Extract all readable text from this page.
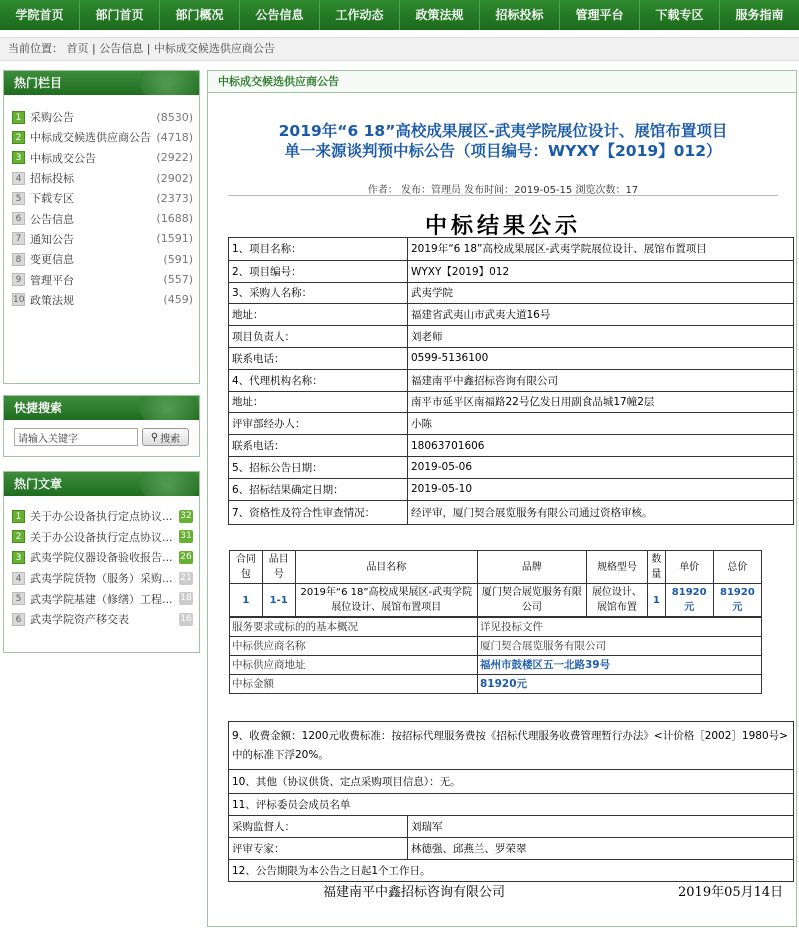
学院首页	部门首页	部门概况	公告信息	工作动态	政策法规	招标投标	管理平台	下载专区	服务指南
当前位置： 首页 | 公告信息 | 中标成交候选供应商公告
热门栏目
1 采购公告	(8530)
2 中标成交候选供应商公告 (4718)
3 中标成交公告	(2922)
4 招标投标	(2902)
5 下载专区	(2373)
6 公告信息	(1688)
7 通知公告	(1591)
8 变更信息	(591)
9 管理平台	(557)
10 政策法规	(459)
快捷搜索
请输入关键字
⚲ 搜索
热门文章
1 关于办公设备执行定点协议... 32
2 关于办公设备执行定点协议... 31
3 武夷学院仪器设备验收报告... 26
4 武夷学院货物（服务）采购... 21
5 武夷学院基建（修缮）工程... 18
6 武夷学院资产移交表	16
中标成交候选供应商公告
2019年“6 18”高校成果展区-武夷学院展位设计、展馆布置项目
单一来源谈判预中标公告（项目编号：WYXY【2019】012）
作者： 发布：管理员 发布时间：2019-05-15 浏览次数：17
中标结果公示
1、项目名称：	2019年“6 18”高校成果展区-武夷学院展位设计、展馆布置项目
2、项目编号：	WYXY【2019】012
3、采购人名称：	武夷学院
地址：	福建省武夷山市武夷大道16号
项目负责人：	刘老师
联系电话：	0599-5136100
4、代理机构名称：	福建南平中鑫招标咨询有限公司
地址：	南平市延平区南福路22号亿发日用副食品城17幢2层
评审部经办人：	小陈
联系电话：	18063701606
5、招标公告日期：	2019-05-06
6、招标结果确定日期：	2019-05-10
7、资格性及符合性审查情况：	经评审，厦门契合展览服务有限公司通过资格审核。
合同包	品目号	品目名称	品牌	规格型号	数量	单价	总价
1	1-1	2019年“6 18”高校成果展区-武夷学院展位设计、展馆布置项目	厦门契合展览服务有限公司	展位设计、展馆布置	1	81920元	81920元
服务要求或标的的基本概况	详见投标文件
中标供应商名称	厦门契合展览服务有限公司
中标供应商地址	福州市鼓楼区五一北路39号
中标金额	81920元
9、收费金额：1200元收费标准：按招标代理服务费按《招标代理服务收费管理暂行办法》<计价格［2002］1980号>中的标准下浮20%。
10、其他（协议供货、定点采购项目信息）：无。
11、评标委员会成员名单
采购监督人：	刘瑞军
评审专家：	林德强、邱燕兰、罗荣翠
12、公告期限为本公告之日起1个工作日。
福建南平中鑫招标咨询有限公司	2019年05月14日
